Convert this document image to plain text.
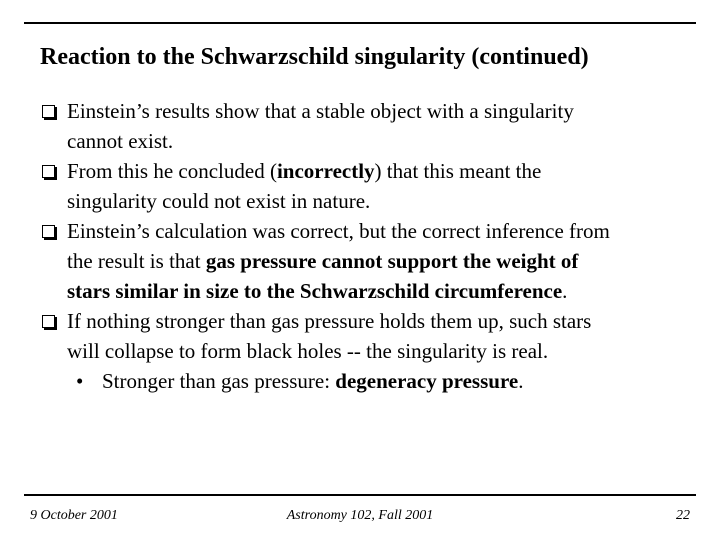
Reaction to the Schwarzschild singularity (continued)
Einstein’s results show that a stable object with a singularity
cannot exist.
From this he concluded (incorrectly) that this meant the
singularity could not exist in nature.
Einstein’s calculation was correct, but the correct inference from
the result is that gas pressure cannot support the weight of
stars similar in size to the Schwarzschild circumference.
If nothing stronger than gas pressure holds them up, such stars
will collapse to form black holes -- the singularity is real.
• Stronger than gas pressure: degeneracy pressure.
9 October 2001	Astronomy 102, Fall 2001	22
